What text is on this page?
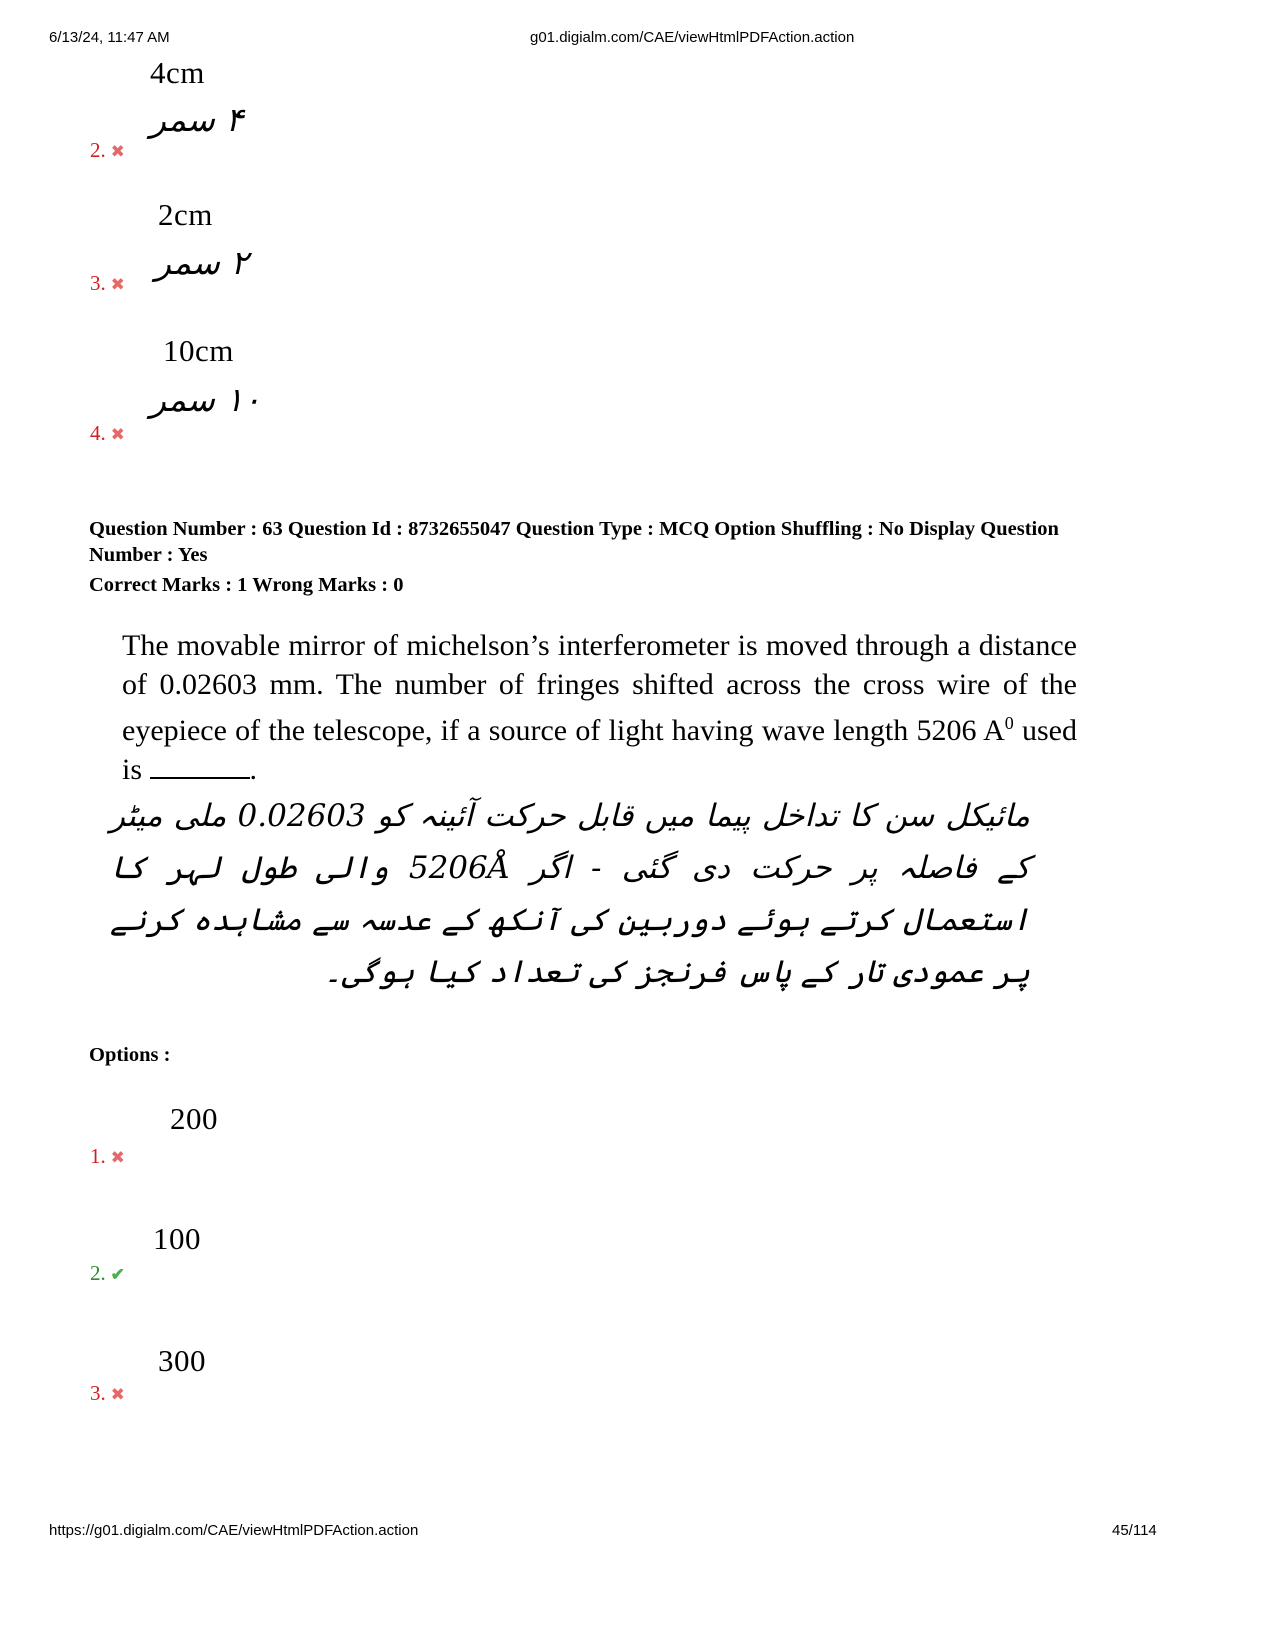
6/13/24, 11:47 AM	g01.digialm.com/CAE/viewHtmlPDFAction.action
4cm
۴ سمر
2. ✖
2cm
۲ سمر
3. ✖
10cm
۱۰ سمر
4. ✖
Question Number : 63 Question Id : 8732655047 Question Type : MCQ Option Shuffling : No Display Question
Number : Yes
Correct Marks : 1 Wrong Marks : 0
The movable mirror of michelson’s interferometer is moved through a distance of 0.02603 mm. The number of fringes shifted across the cross wire of the eyepiece of the telescope, if a source of light having wave length 5206 $A^0$ used is	.
مائیکل سن کا تداخل پیما میں قابل حرکت آئینہ کو 0.02603 ملی میٹر کے فاصلہ پر حرکت دی گئی - اگر 5206Å والی طول لہر کا استعمال کرتے ہوئے دوربین کی آنکھ کے عدسہ سے مشاہدہ کرنے پر عمودی تار کے پاس فرنجز کی تعداد کیا ہوگی۔
Options :
200
1. ✖
100
2. ✔
300
3. ✖
https://g01.digialm.com/CAE/viewHtmlPDFAction.action	45/114
